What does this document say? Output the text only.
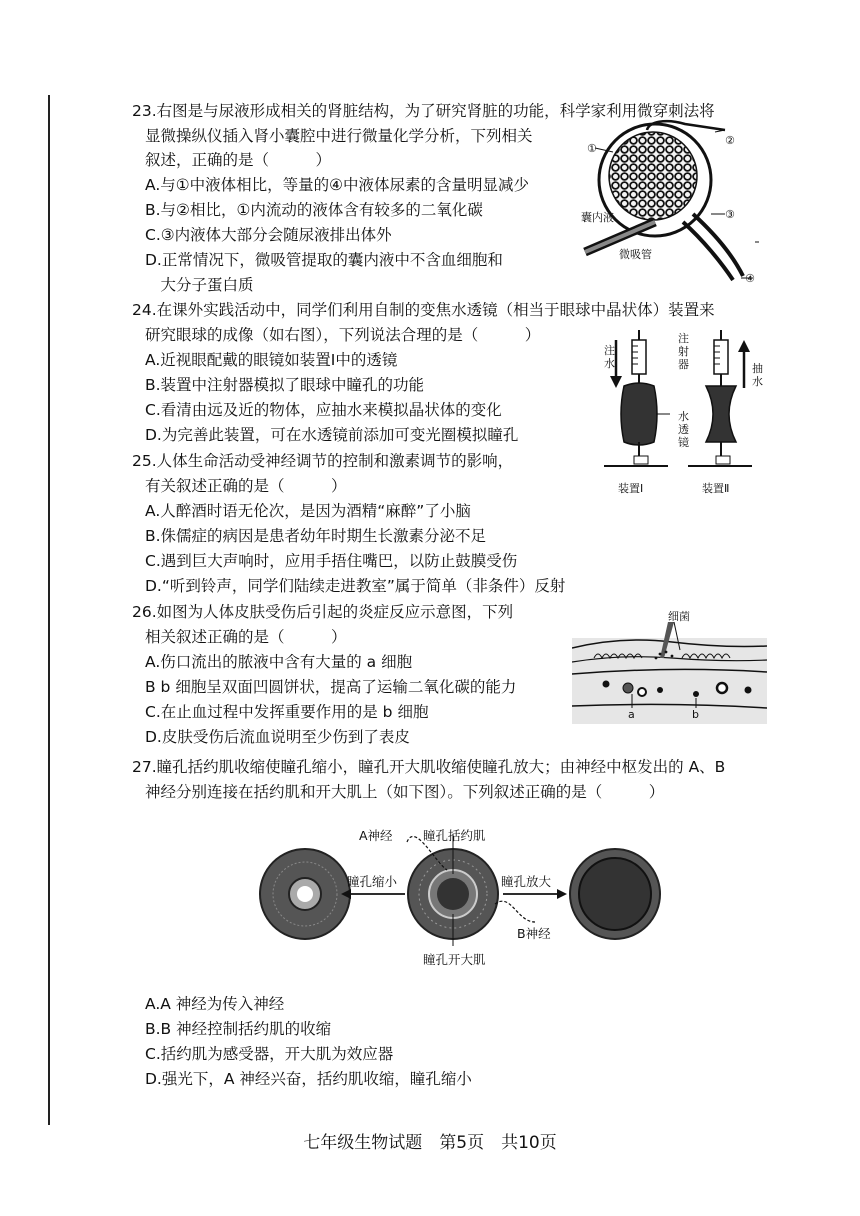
23.右图是与尿液形成相关的肾脏结构，为了研究肾脏的功能，科学家利用微穿刺法将
显微操纵仪插入肾小囊腔中进行微量化学分析，下列相关
叙述，正确的是（　　　）
A.与①中液体相比，等量的④中液体尿素的含量明显减少
B.与②相比，①内流动的液体含有较多的二氧化碳
C.③内液体大部分会随尿液排出体外
D.正常情况下，微吸管提取的囊内液中不含血细胞和
　大分子蛋白质
①
②
③
④
囊内液
微吸管
24.在课外实践活动中，同学们利用自制的变焦水透镜（相当于眼球中晶状体）装置来
研究眼球的成像（如右图），下列说法合理的是（　　　）
A.近视眼配戴的眼镜如装置Ⅰ中的透镜
B.装置中注射器模拟了眼球中瞳孔的功能
C.看清由远及近的物体，应抽水来模拟晶状体的变化
D.为完善此装置，可在水透镜前添加可变光圈模拟瞳孔
注水
注射器	抽水
水透镜
装置Ⅰ	装置Ⅱ
25.人体生命活动受神经调节的控制和激素调节的影响，
有关叙述正确的是（　　　）
A.人醉酒时语无伦次，是因为酒精“麻醉”了小脑
B.侏儒症的病因是患者幼年时期生长激素分泌不足
C.遇到巨大声响时，应用手捂住嘴巴，以防止鼓膜受伤
D.“听到铃声，同学们陆续走进教室”属于简单（非条件）反射
26.如图为人体皮肤受伤后引起的炎症反应示意图，下列
相关叙述正确的是（　　　）
A.伤口流出的脓液中含有大量的 a 细胞
B b 细胞呈双面凹圆饼状，提高了运输二氧化碳的能力
C.在止血过程中发挥重要作用的是 b 细胞
D.皮肤受伤后流血说明至少伤到了表皮
细菌
a	b
27.瞳孔括约肌收缩使瞳孔缩小，瞳孔开大肌收缩使瞳孔放大；由神经中枢发出的 A、B
神经分别连接在括约肌和开大肌上（如下图）。下列叙述正确的是（　　　）
A神经 瞳孔括约肌
瞳孔缩小	瞳孔放大
B神经
瞳孔开大肌
A.A 神经为传入神经
B.B 神经控制括约肌的收缩
C.括约肌为感受器，开大肌为效应器
D.强光下，A 神经兴奋，括约肌收缩，瞳孔缩小
七年级生物试题　第5页　共10页
